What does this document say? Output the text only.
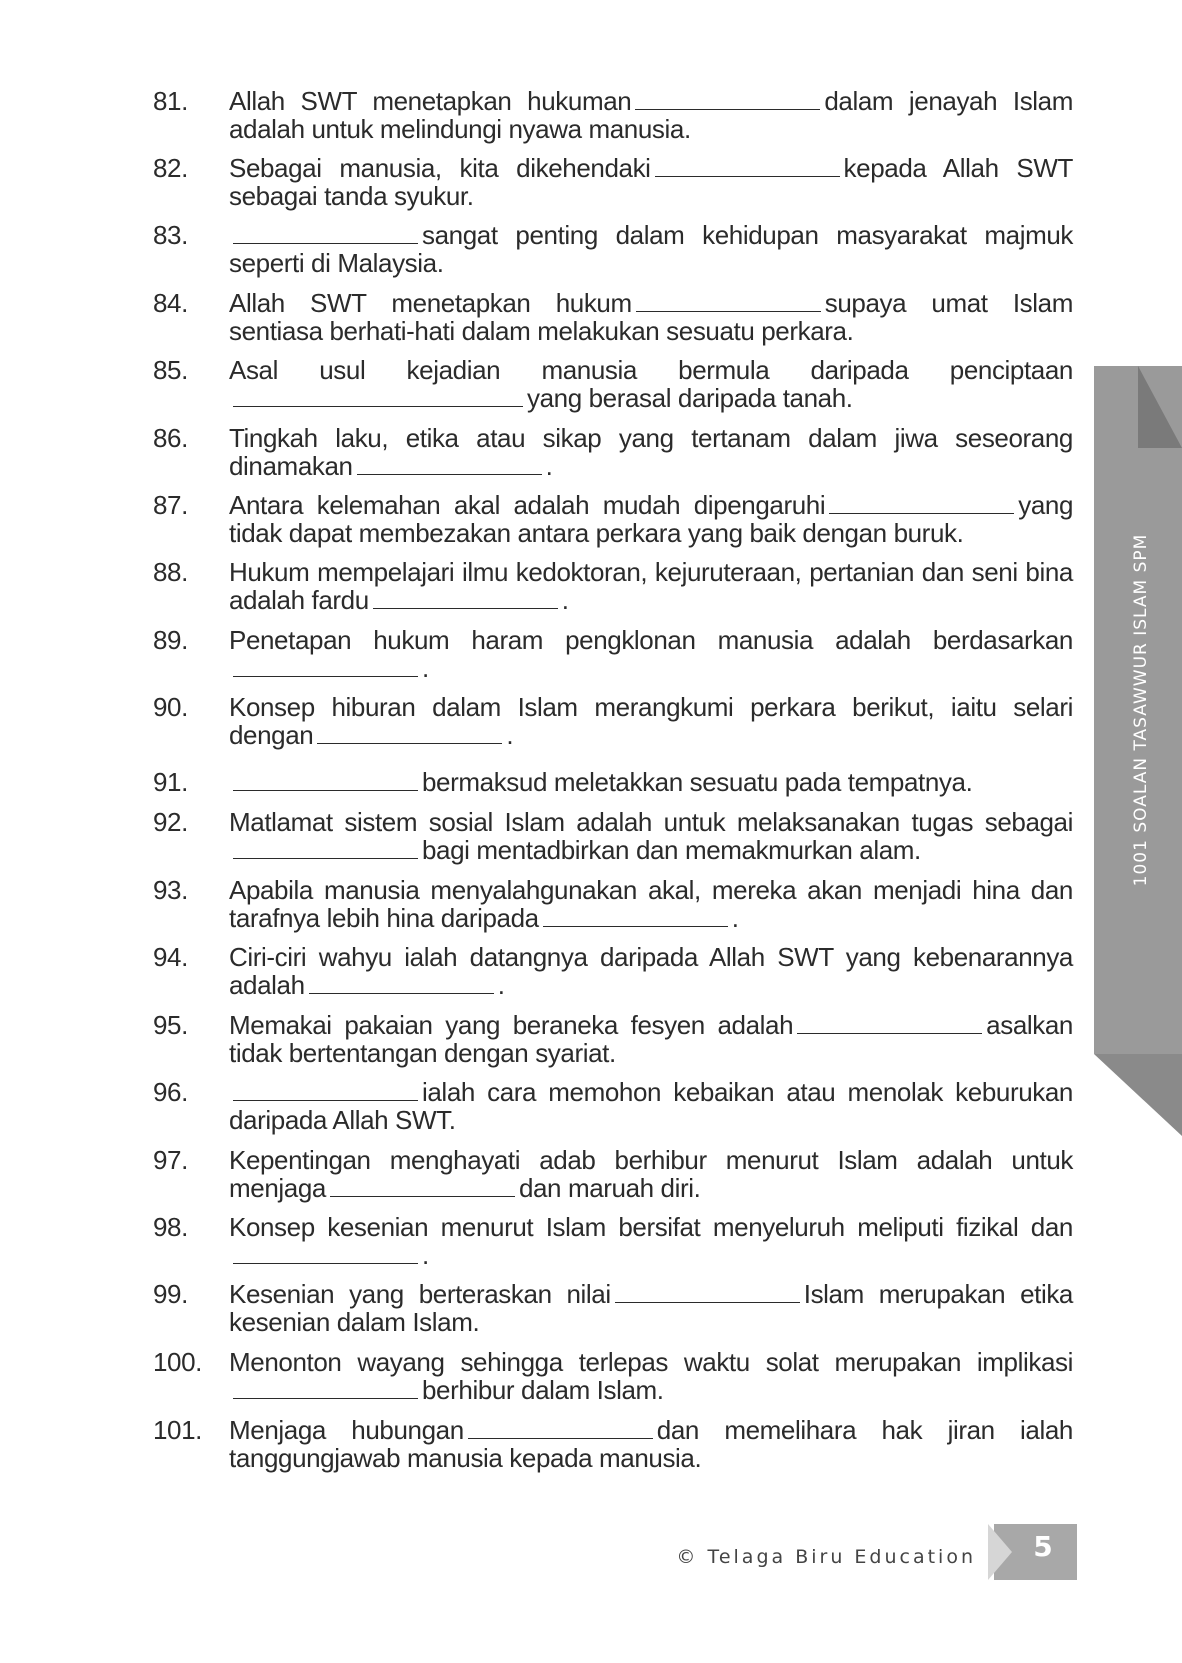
81.	Allah SWT menetapkan hukuman	dalam jenayah Islam adalah untuk melindungi nyawa manusia.
82.	Sebagai manusia, kita dikehendaki	kepada Allah SWT sebagai tanda syukur.
83.	sangat penting dalam kehidupan masyarakat majmuk seperti di Malaysia.
84.	Allah SWT menetapkan hukum	supaya umat Islam sentiasa berhati-hati dalam melakukan sesuatu perkara.
85.	Asal usul kejadian manusia bermula daripada penciptaanyang berasal daripada tanah.
86.	Tingkah laku, etika atau sikap yang tertanam dalam jiwa seseorang dinamakan	.
87.	Antara kelemahan akal adalah mudah dipengaruhi	yang tidak dapat membezakan antara perkara yang baik dengan buruk.
88.	Hukum mempelajari ilmu kedoktoran, kejuruteraan, pertanian dan seni bina adalah fardu	.
89.	Penetapan hukum haram pengklonan manusia adalah berdasarkan.
90.	Konsep hiburan dalam Islam merangkumi perkara berikut, iaitu selari dengan	.
91.	bermaksud meletakkan sesuatu pada tempatnya.
92.	Matlamat sistem sosial Islam adalah untuk melaksanakan tugas sebagaibagi mentadbirkan dan memakmurkan alam.
93.	Apabila manusia menyalahgunakan akal, mereka akan menjadi hina dan tarafnya lebih hina daripada	.
94.	Ciri-ciri wahyu ialah datangnya daripada Allah SWT yang kebenarannya adalah	.
95.	Memakai pakaian yang beraneka fesyen adalah	asalkan tidak bertentangan dengan syariat.
96.	ialah cara memohon kebaikan atau menolak keburukan daripada Allah SWT.
97.	Kepentingan menghayati adab berhibur menurut Islam adalah untuk menjaga	dan maruah diri.
98.	Konsep kesenian menurut Islam bersifat menyeluruh meliputi fizikal dan.
99.	Kesenian yang berteraskan nilai	Islam merupakan etika kesenian dalam Islam.
100.	Menonton wayang sehingga terlepas waktu solat merupakan implikasiberhibur dalam Islam.
101.	Menjaga hubungan	dan memelihara hak jiran ialah tanggungjawab manusia kepada manusia.
1001 SOALAN TASAWWUR ISLAM SPM
© Telaga Biru Education	5
